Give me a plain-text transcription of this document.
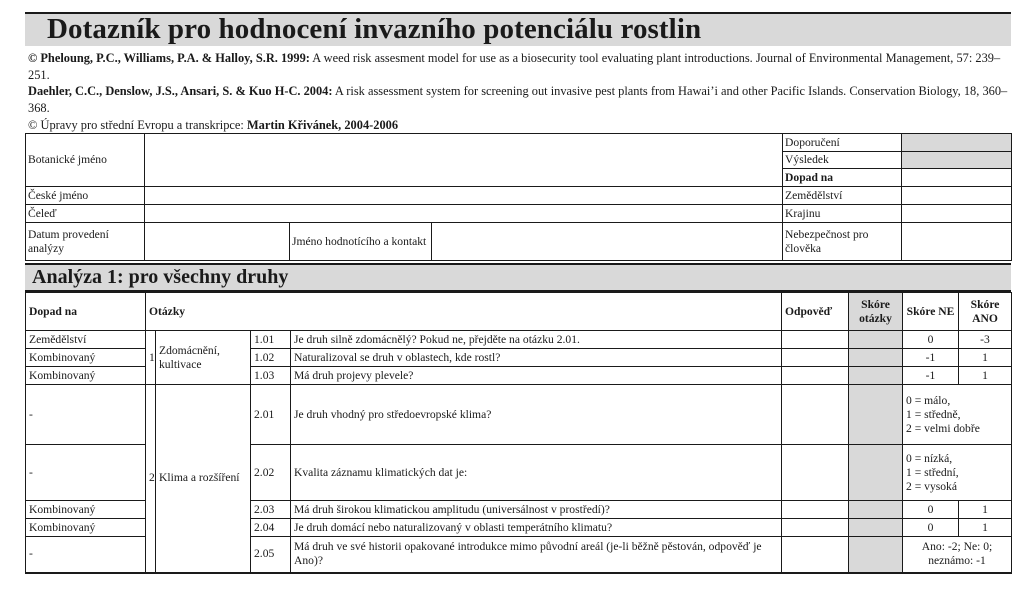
Dotazník pro hodnocení invazního potenciálu rostlin
© Pheloung, P.C., Williams, P.A. & Halloy, S.R. 1999: A weed risk assesment model for use as a biosecurity tool evaluating plant introductions. Journal of Environmental Management, 57: 239–251.
Daehler, C.C., Denslow, J.S., Ansari, S. & Kuo H-C. 2004: A risk assessment system for screening out invasive pest plants from Hawai’i and other Pacific Islands. Conservation Biology, 18, 360–368.
© Úpravy pro střední Evropu a transkripce: Martin Křivánek, 2004-2006
Botanické jméno				Doporučení	
				Výsledek	
				Dopad na	
České jméno				Zemědělství	
Čeleď				Krajinu	
Datum provedení analýzy		Jméno hodnotícího a kontakt		Nebezpečnost pro člověka	
Analýza 1: pro všechny druhy
Dopad na	Otázky				Odpověď	Skóre otázky	Skóre NE	Skóre ANO
Zemědělství	1	Zdomácnění, kultivace	1.01	Je druh silně zdomácnělý? Pokud ne, přejděte na otázku 2.01.			0	-3
Kombinovaný			1.02	Naturalizoval se druh v oblastech, kde rostl?			-1	1
Kombinovaný			1.03	Má druh projevy plevele?			-1	1
-	2	Klima a rozšíření	2.01	Je druh vhodný pro středoevropské klima?			0 = málo,
1 = středně,
2 = velmi dobře	

-			2.02	Kvalita záznamu klimatických dat je:			0 = nízká,
1 = střední,
2 = vysoká	

Kombinovaný			2.03	Má druh širokou klimatickou amplitudu (universálnost v prostředí)?			0	1
Kombinovaný			2.04	Je druh domácí nebo naturalizovaný v oblasti temperátního klimatu?			0	1
-			2.05	Má druh ve své historii opakované introdukce mimo původní areál (je-li běžně pěstován, odpověď je Ano)?			Ano: -2; Ne: 0;
neznámo: -1	
